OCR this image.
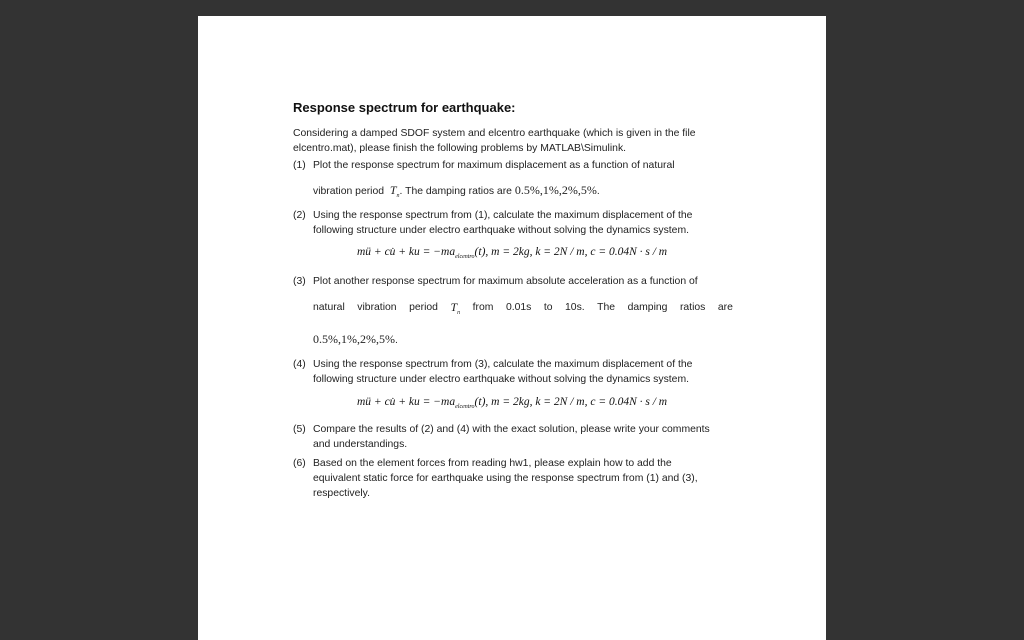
Response spectrum for earthquake:
Considering a damped SDOF system and elcentro earthquake (which is given in the file
elcentro.mat), please finish the following problems by MATLAB\Simulink.
(1) Plot the response spectrum for maximum displacement as a function of natural
vibration period $T_n$. The damping ratios are 0.5%,1%,2%,5%.
(2) Using the response spectrum from (1), calculate the maximum displacement of the
following structure under electro earthquake without solving the dynamics system.
mü + cu̇ + ku = $-ma_{elcentro}(t)$, m = 2kg, k = 2N / m, c = 0.04N · s / m
(3) Plot another response spectrum for maximum absolute acceleration as a function of
natural vibration period $T_n$ from 0.01s to 10s. The damping ratios are
0.5%,1%,2%,5%.
(4) Using the response spectrum from (3), calculate the maximum displacement of the
following structure under electro earthquake without solving the dynamics system.
mü + cu̇ + ku = $-ma_{elcentro}(t)$, m = 2kg, k = 2N / m, c = 0.04N · s / m
(5) Compare the results of (2) and (4) with the exact solution, please write your comments
and understandings.
(6) Based on the element forces from reading hw1, please explain how to add the
equivalent static force for earthquake using the response spectrum from (1) and (3),
respectively.
